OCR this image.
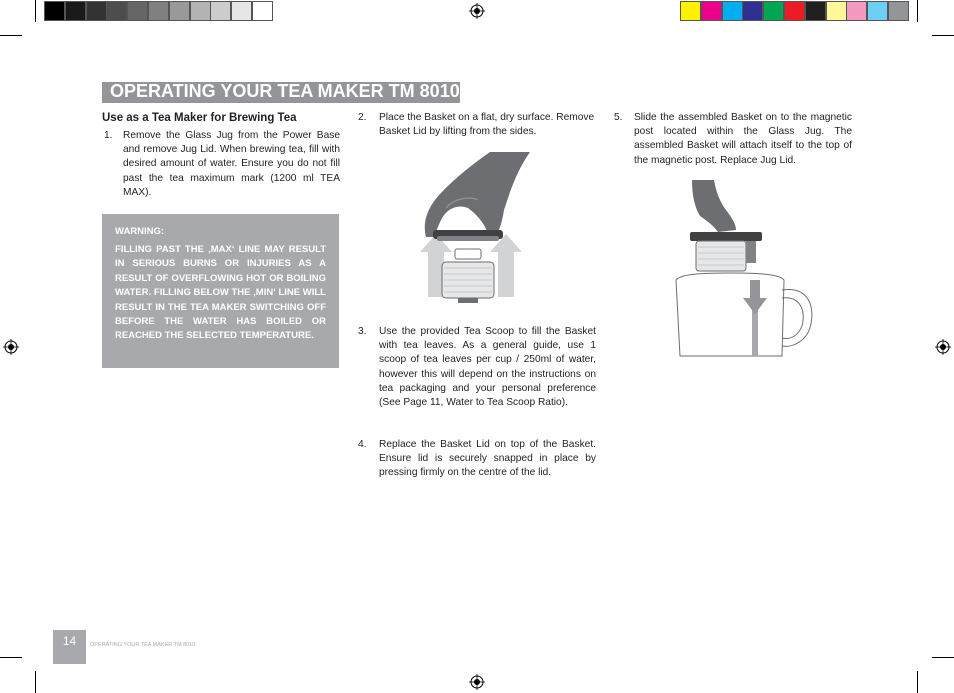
OPERATING YOUR TEA MAKER TM 8010
Use as a Tea Maker for Brewing Tea
1. Remove the Glass Jug from the Power Base and remove Jug Lid. When brewing tea, fill with desired amount of water. Ensure you do not fill past the tea maximum mark (1200 ml TEA MAX).
WARNING:
FILLING PAST THE ‚MAX‘ LINE MAY RESULT IN SERIOUS BURNS OR INJURIES AS A RESULT OF OVERFLOWING HOT OR BOILING WATER. FILLING BELOW THE ‚MIN‘ LINE WILL RESULT IN THE TEA MAKER SWITCHING OFF BEFORE THE WATER HAS BOILED OR REACHED THE SELECTED TEMPERATURE.
2. Place the Basket on a flat, dry surface. Remove Basket Lid by lifting from the sides.
3. Use the provided Tea Scoop to fill the Basket with tea leaves. As a general guide, use 1 scoop of tea leaves per cup / 250ml of water, however this will depend on the instructions on tea packaging and your personal preference (See Page 11, Water to Tea Scoop Ratio).
4. Replace the Basket Lid on top of the Basket. Ensure lid is securely snapped in place by pressing firmly on the centre of the lid.
5. Slide the assembled Basket on to the magnetic post located within the Glass Jug. The assembled Basket will attach itself to the top of the magnetic post. Replace Jug Lid.
14	OPERATING YOUR TEA MAKER TM 8010
